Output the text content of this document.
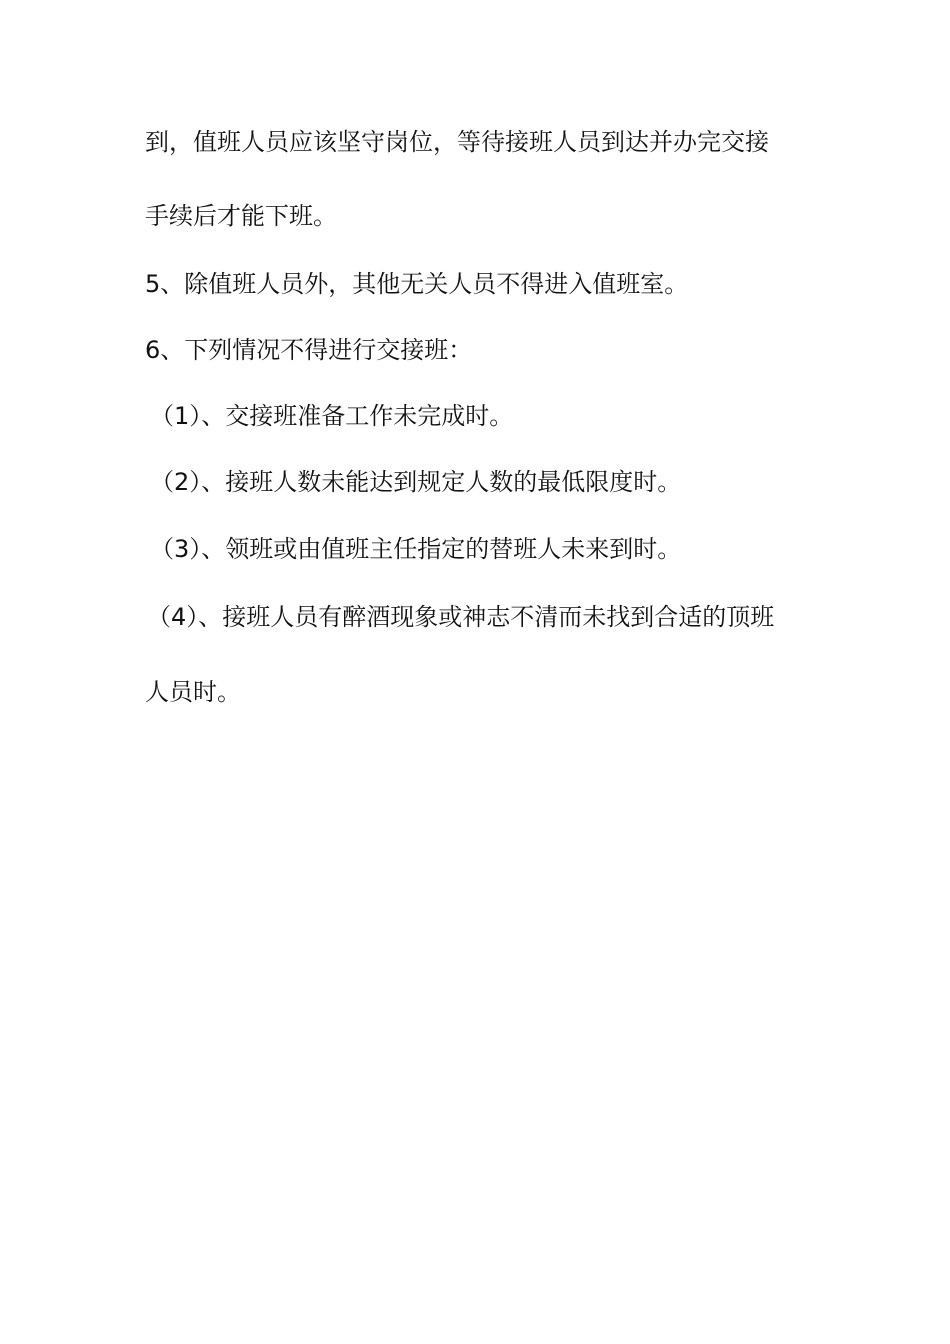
到，值班人员应该坚守岗位，等待接班人员到达并办完交接
手续后才能下班。
5、除值班人员外，其他无关人员不得进入值班室。
6、下列情况不得进行交接班：
（1）、交接班准备工作未完成时。
（2）、接班人数未能达到规定人数的最低限度时。
（3）、领班或由值班主任指定的替班人未来到时。
（4）、接班人员有醉酒现象或神志不清而未找到合适的顶班
人员时。
